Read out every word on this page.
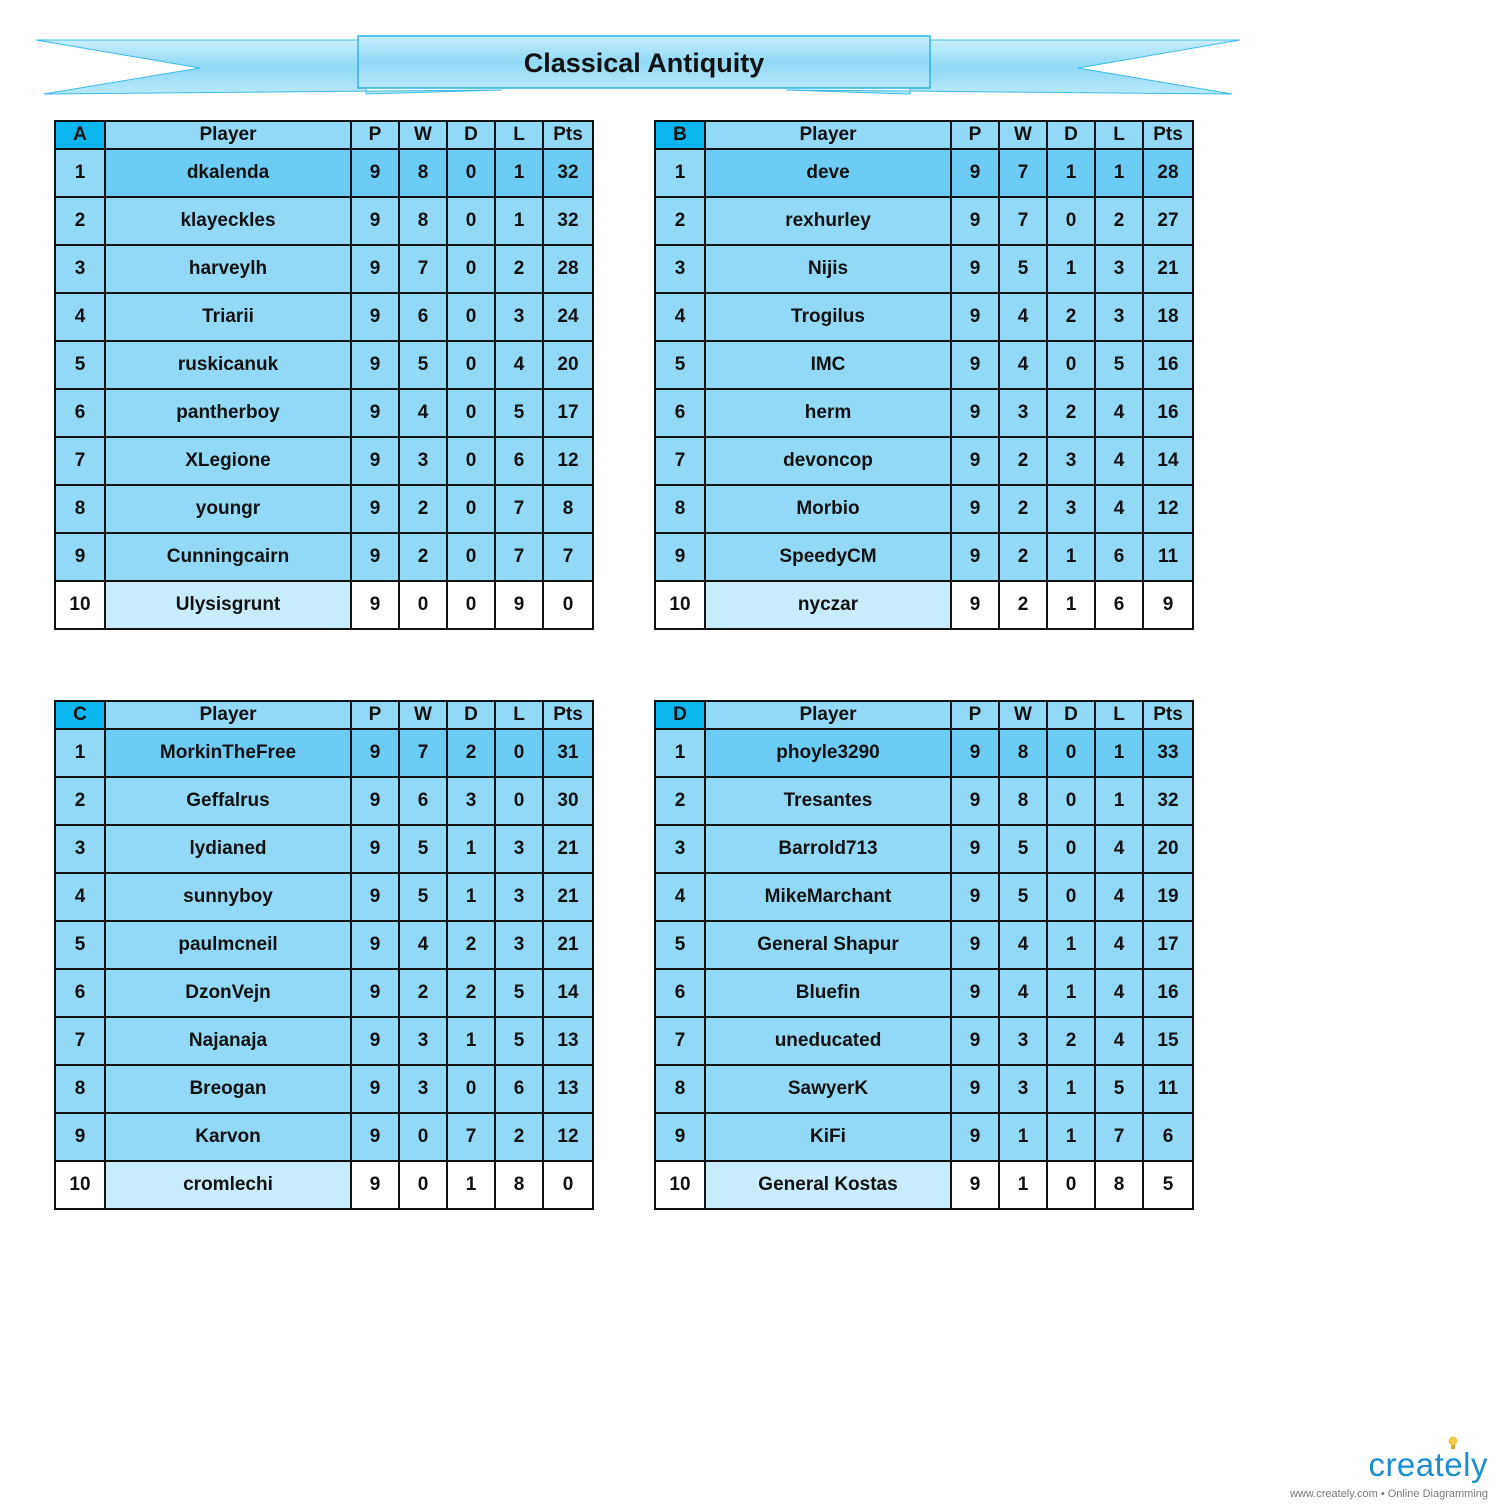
Classical Antiquity
A	Player	P	W	D	L	Pts
1	dkalenda	9	8	0	1	32
2	klayeckles	9	8	0	1	32
3	harveylh	9	7	0	2	28
4	Triarii	9	6	0	3	24
5	ruskicanuk	9	5	0	4	20
6	pantherboy	9	4	0	5	17
7	XLegione	9	3	0	6	12
8	youngr	9	2	0	7	8
9	Cunningcairn	9	2	0	7	7
10	Ulysisgrunt	9	0	0	9	0
B	Player	P	W	D	L	Pts
1	deve	9	7	1	1	28
2	rexhurley	9	7	0	2	27
3	Nijis	9	5	1	3	21
4	Trogilus	9	4	2	3	18
5	IMC	9	4	0	5	16
6	herm	9	3	2	4	16
7	devoncop	9	2	3	4	14
8	Morbio	9	2	3	4	12
9	SpeedyCM	9	2	1	6	11
10	nyczar	9	2	1	6	9
C	Player	P	W	D	L	Pts
1	MorkinTheFree	9	7	2	0	31
2	Geffalrus	9	6	3	0	30
3	lydianed	9	5	1	3	21
4	sunnyboy	9	5	1	3	21
5	paulmcneil	9	4	2	3	21
6	DzonVejn	9	2	2	5	14
7	Najanaja	9	3	1	5	13
8	Breogan	9	3	0	6	13
9	Karvon	9	0	7	2	12
10	cromlechi	9	0	1	8	0
D	Player	P	W	D	L	Pts
1	phoyle3290	9	8	0	1	33
2	Tresantes	9	8	0	1	32
3	Barrold713	9	5	0	4	20
4	MikeMarchant	9	5	0	4	19
5	General Shapur	9	4	1	4	17
6	Bluefin	9	4	1	4	16
7	uneducated	9	3	2	4	15
8	SawyerK	9	3	1	5	11
9	KiFi	9	1	1	7	6
10	General Kostas	9	1	0	8	5
creately
www.creately.com • Online Diagramming
